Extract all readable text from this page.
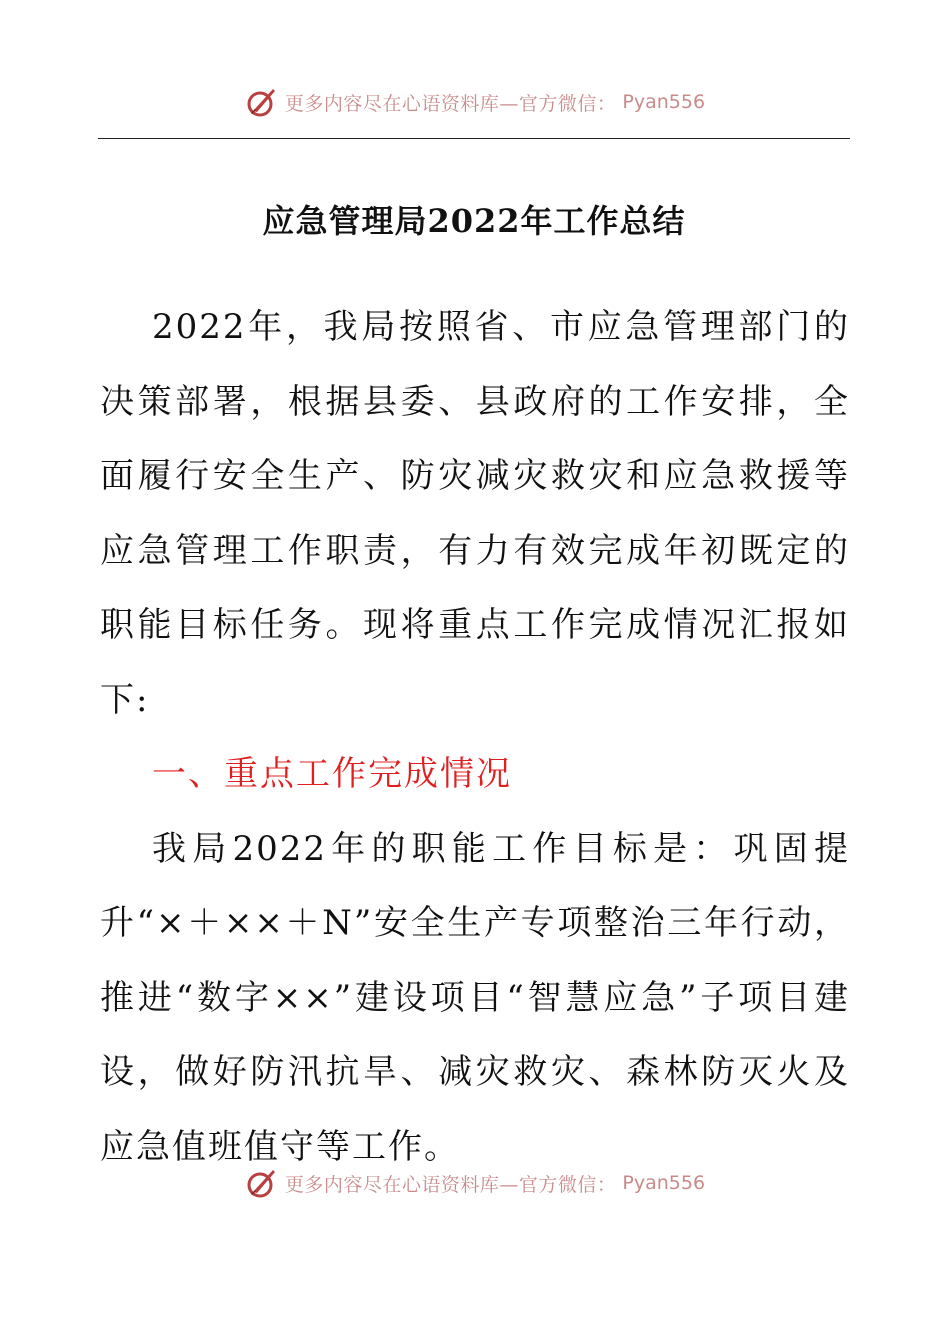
更多内容尽在心语资料库—官方微信： Pyan556
应急管理局2022年工作总结

2022年，我局按照省、市应急管理部门的决策部署，根据县委、县政府的工作安排，全面履行安全生产、防灾减灾救灾和应急救援等应急管理工作职责，有力有效完成年初既定的职能目标任务。现将重点工作完成情况汇报如下:

一、重点工作完成情况

我局2022年的职能工作目标是：巩固提升“×＋××＋N”安全生产专项整治三年行动，推进“数字××”建设项目“智慧应急”子项目建设，做好防汛抗旱、减灾救灾、森林防灭火及应急值班值守等工作。

更多内容尽在心语资料库—官方微信： Pyan556
